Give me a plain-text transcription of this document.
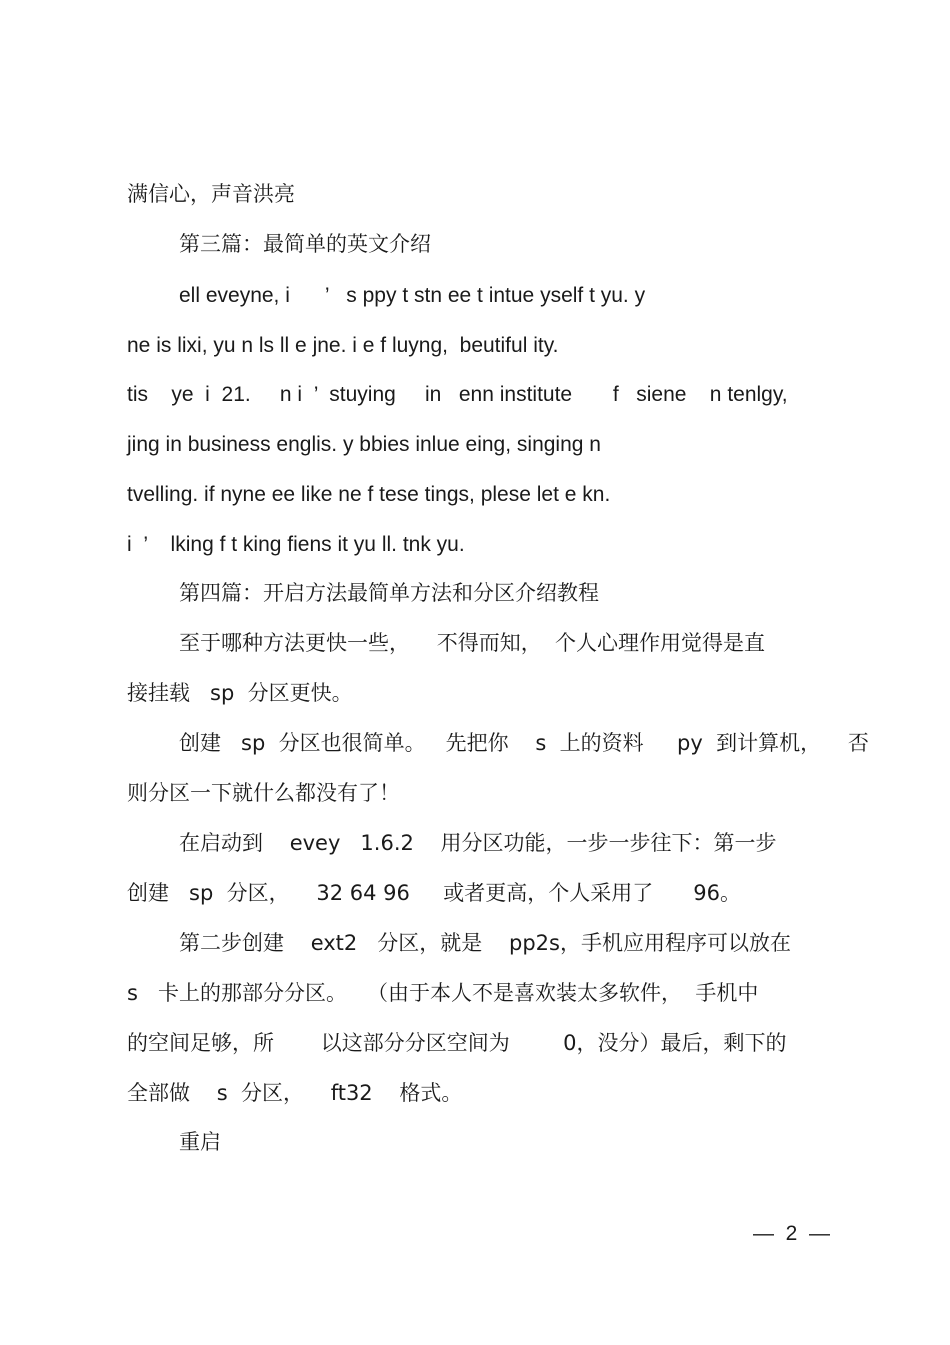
满信心，声音洪亮
第三篇：最简单的英文介绍
ell eveyne, i      ’   s ppy t stn ee t intue yself t yu. y
ne is lixi, yu n ls ll e jne. i e f luyng,  beutiful ity.
tis    ye  i  21.     n i  ’  stuying     in   enn institute       f   siene    n tenlgy,
jing in business englis. y bbies inlue eing, singing n
tvelling. if nyne ee like ne f tese tings, plese let e kn.
i  ’    lking f t king fiens it yu ll. tnk yu.
第四篇：开启方法最简单方法和分区介绍教程
至于哪种方法更快一些，    不得而知，  个人心理作用觉得是直
接挂载   sp  分区更快。
创建   sp  分区也很简单。   先把你    s  上的资料     py  到计算机，    否
则分区一下就什么都没有了！
在启动到    evey   1.6.2    用分区功能，一步一步往下：第一步
创建   sp  分区，    32 64 96     或者更高，个人采用了      96。
第二步创建    ext2   分区，就是    pp2s，手机应用程序可以放在
s   卡上的那部分分区。   （由于本人不是喜欢装太多软件，  手机中
的空间足够，所       以这部分分区空间为        0，没分）最后，剩下的
全部做    s  分区，    ft32    格式。
重启
—  2  —
